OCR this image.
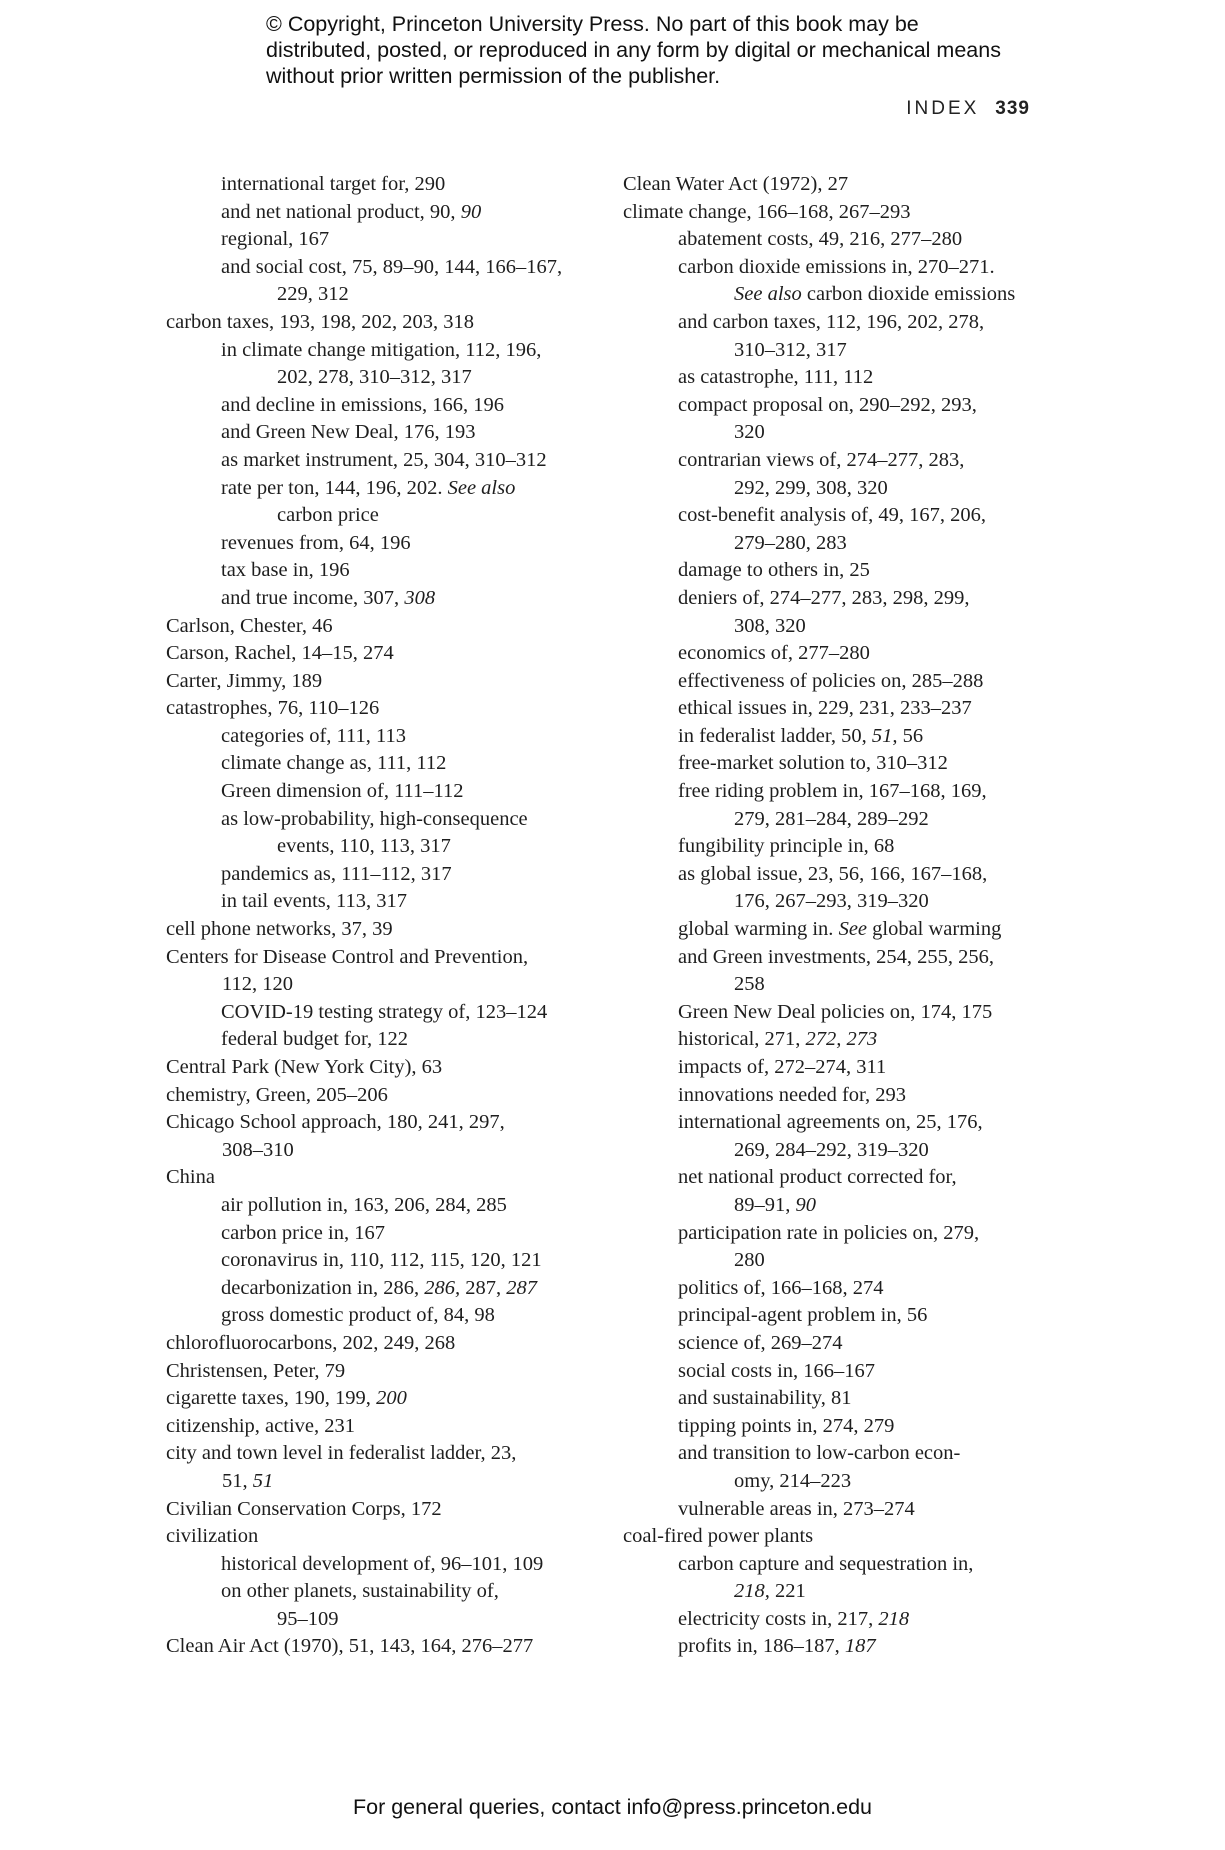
© Copyright, Princeton University Press. No part of this book may be distributed, posted, or reproduced in any form by digital or mechanical means without prior written permission of the publisher.
INDEX 339
international target for, 290
and net national product, 90, 90
regional, 167
and social cost, 75, 89–90, 144, 166–167,
229, 312
carbon taxes, 193, 198, 202, 203, 318
in climate change mitigation, 112, 196,
202, 278, 310–312, 317
and decline in emissions, 166, 196
and Green New Deal, 176, 193
as market instrument, 25, 304, 310–312
rate per ton, 144, 196, 202. See also
carbon price
revenues from, 64, 196
tax base in, 196
and true income, 307, 308
Carlson, Chester, 46
Carson, Rachel, 14–15, 274
Carter, Jimmy, 189
catastrophes, 76, 110–126
categories of, 111, 113
climate change as, 111, 112
Green dimension of, 111–112
as low-probability, high-consequence
events, 110, 113, 317
pandemics as, 111–112, 317
in tail events, 113, 317
cell phone networks, 37, 39
Centers for Disease Control and Prevention,
112, 120
COVID-19 testing strategy of, 123–124
federal budget for, 122
Central Park (New York City), 63
chemistry, Green, 205–206
Chicago School approach, 180, 241, 297,
308–310
China
air pollution in, 163, 206, 284, 285
carbon price in, 167
coronavirus in, 110, 112, 115, 120, 121
decarbonization in, 286, 286, 287, 287
gross domestic product of, 84, 98
chlorofluorocarbons, 202, 249, 268
Christensen, Peter, 79
cigarette taxes, 190, 199, 200
citizenship, active, 231
city and town level in federalist ladder, 23,
51, 51
Civilian Conservation Corps, 172
civilization
historical development of, 96–101, 109
on other planets, sustainability of,
95–109
Clean Air Act (1970), 51, 143, 164, 276–277
Clean Water Act (1972), 27
climate change, 166–168, 267–293
abatement costs, 49, 216, 277–280
carbon dioxide emissions in, 270–271.
See also carbon dioxide emissions
and carbon taxes, 112, 196, 202, 278,
310–312, 317
as catastrophe, 111, 112
compact proposal on, 290–292, 293,
320
contrarian views of, 274–277, 283,
292, 299, 308, 320
cost-benefit analysis of, 49, 167, 206,
279–280, 283
damage to others in, 25
deniers of, 274–277, 283, 298, 299,
308, 320
economics of, 277–280
effectiveness of policies on, 285–288
ethical issues in, 229, 231, 233–237
in federalist ladder, 50, 51, 56
free-market solution to, 310–312
free riding problem in, 167–168, 169,
279, 281–284, 289–292
fungibility principle in, 68
as global issue, 23, 56, 166, 167–168,
176, 267–293, 319–320
global warming in. See global warming
and Green investments, 254, 255, 256,
258
Green New Deal policies on, 174, 175
historical, 271, 272, 273
impacts of, 272–274, 311
innovations needed for, 293
international agreements on, 25, 176,
269, 284–292, 319–320
net national product corrected for,
89–91, 90
participation rate in policies on, 279,
280
politics of, 166–168, 274
principal-agent problem in, 56
science of, 269–274
social costs in, 166–167
and sustainability, 81
tipping points in, 274, 279
and transition to low-carbon econ-
omy, 214–223
vulnerable areas in, 273–274
coal-fired power plants
carbon capture and sequestration in,
218, 221
electricity costs in, 217, 218
profits in, 186–187, 187
For general queries, contact info@press.princeton.edu
